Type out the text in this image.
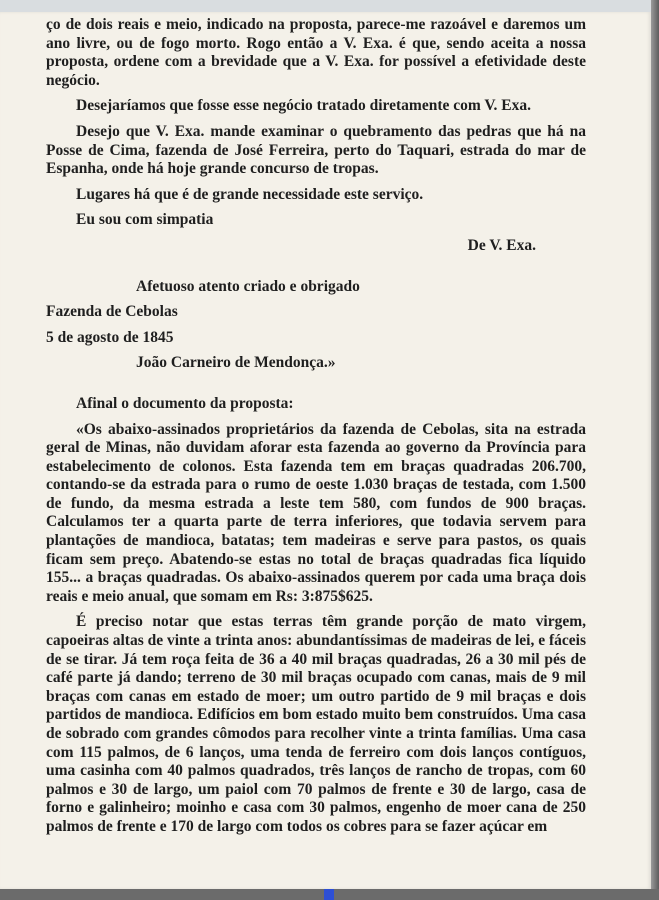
ço de dois reais e meio, indicado na proposta, parece-me razoável e daremos um ano livre, ou de fogo morto. Rogo então a V. Exa. é que, sendo aceita a nossa proposta, ordene com a brevidade que a V. Exa. for possível a efetividade deste negócio.

Desejaríamos que fosse esse negócio tratado diretamente com V. Exa.

Desejo que V. Exa. mande examinar o quebramento das pedras que há na Posse de Cima, fazenda de José Ferreira, perto do Taquari, estrada do mar de Espanha, onde há hoje grande concurso de tropas.

Lugares há que é de grande necessidade este serviço.

Eu sou com simpatia

De V. Exa.

Afetuoso atento criado e obrigado

Fazenda de Cebolas

5 de agosto de 1845

João Carneiro de Mendonça.»

Afinal o documento da proposta:

«Os abaixo-assinados proprietários da fazenda de Cebolas, sita na estrada geral de Minas, não duvidam aforar esta fazenda ao governo da Província para estabelecimento de colonos. Esta fazenda tem em braças quadradas 206.700, contando-se da estrada para o rumo de oeste 1.030 braças de testada, com 1.500 de fundo, da mesma estrada a leste tem 580, com fundos de 900 braças. Calculamos ter a quarta parte de terra inferiores, que todavia servem para plantações de mandioca, batatas; tem madeiras e serve para pastos, os quais ficam sem preço. Abatendo-se estas no total de braças quadradas fica líquido 155... a braças quadradas. Os abaixo-assinados querem por cada uma braça dois reais e meio anual, que somam em Rs: 3:875$625.

É preciso notar que estas terras têm grande porção de mato virgem, capoeiras altas de vinte a trinta anos: abundantíssimas de madeiras de lei, e fáceis de se tirar. Já tem roça feita de 36 a 40 mil braças quadradas, 26 a 30 mil pés de café parte já dando; terreno de 30 mil braças ocupado com canas, mais de 9 mil braças com canas em estado de moer; um outro partido de 9 mil braças e dois partidos de mandioca. Edifícios em bom estado muito bem construídos. Uma casa de sobrado com grandes cômodos para recolher vinte a trinta famílias. Uma casa com 115 palmos, de 6 lanços, uma tenda de ferreiro com dois lanços contíguos, uma casinha com 40 palmos quadrados, três lanços de rancho de tropas, com 60 palmos e 30 de largo, um paiol com 70 palmos de frente e 30 de largo, casa de forno e galinheiro; moinho e casa com 30 palmos, engenho de moer cana de 250 palmos de frente e 170 de largo com todos os cobres para se fazer açúcar em
